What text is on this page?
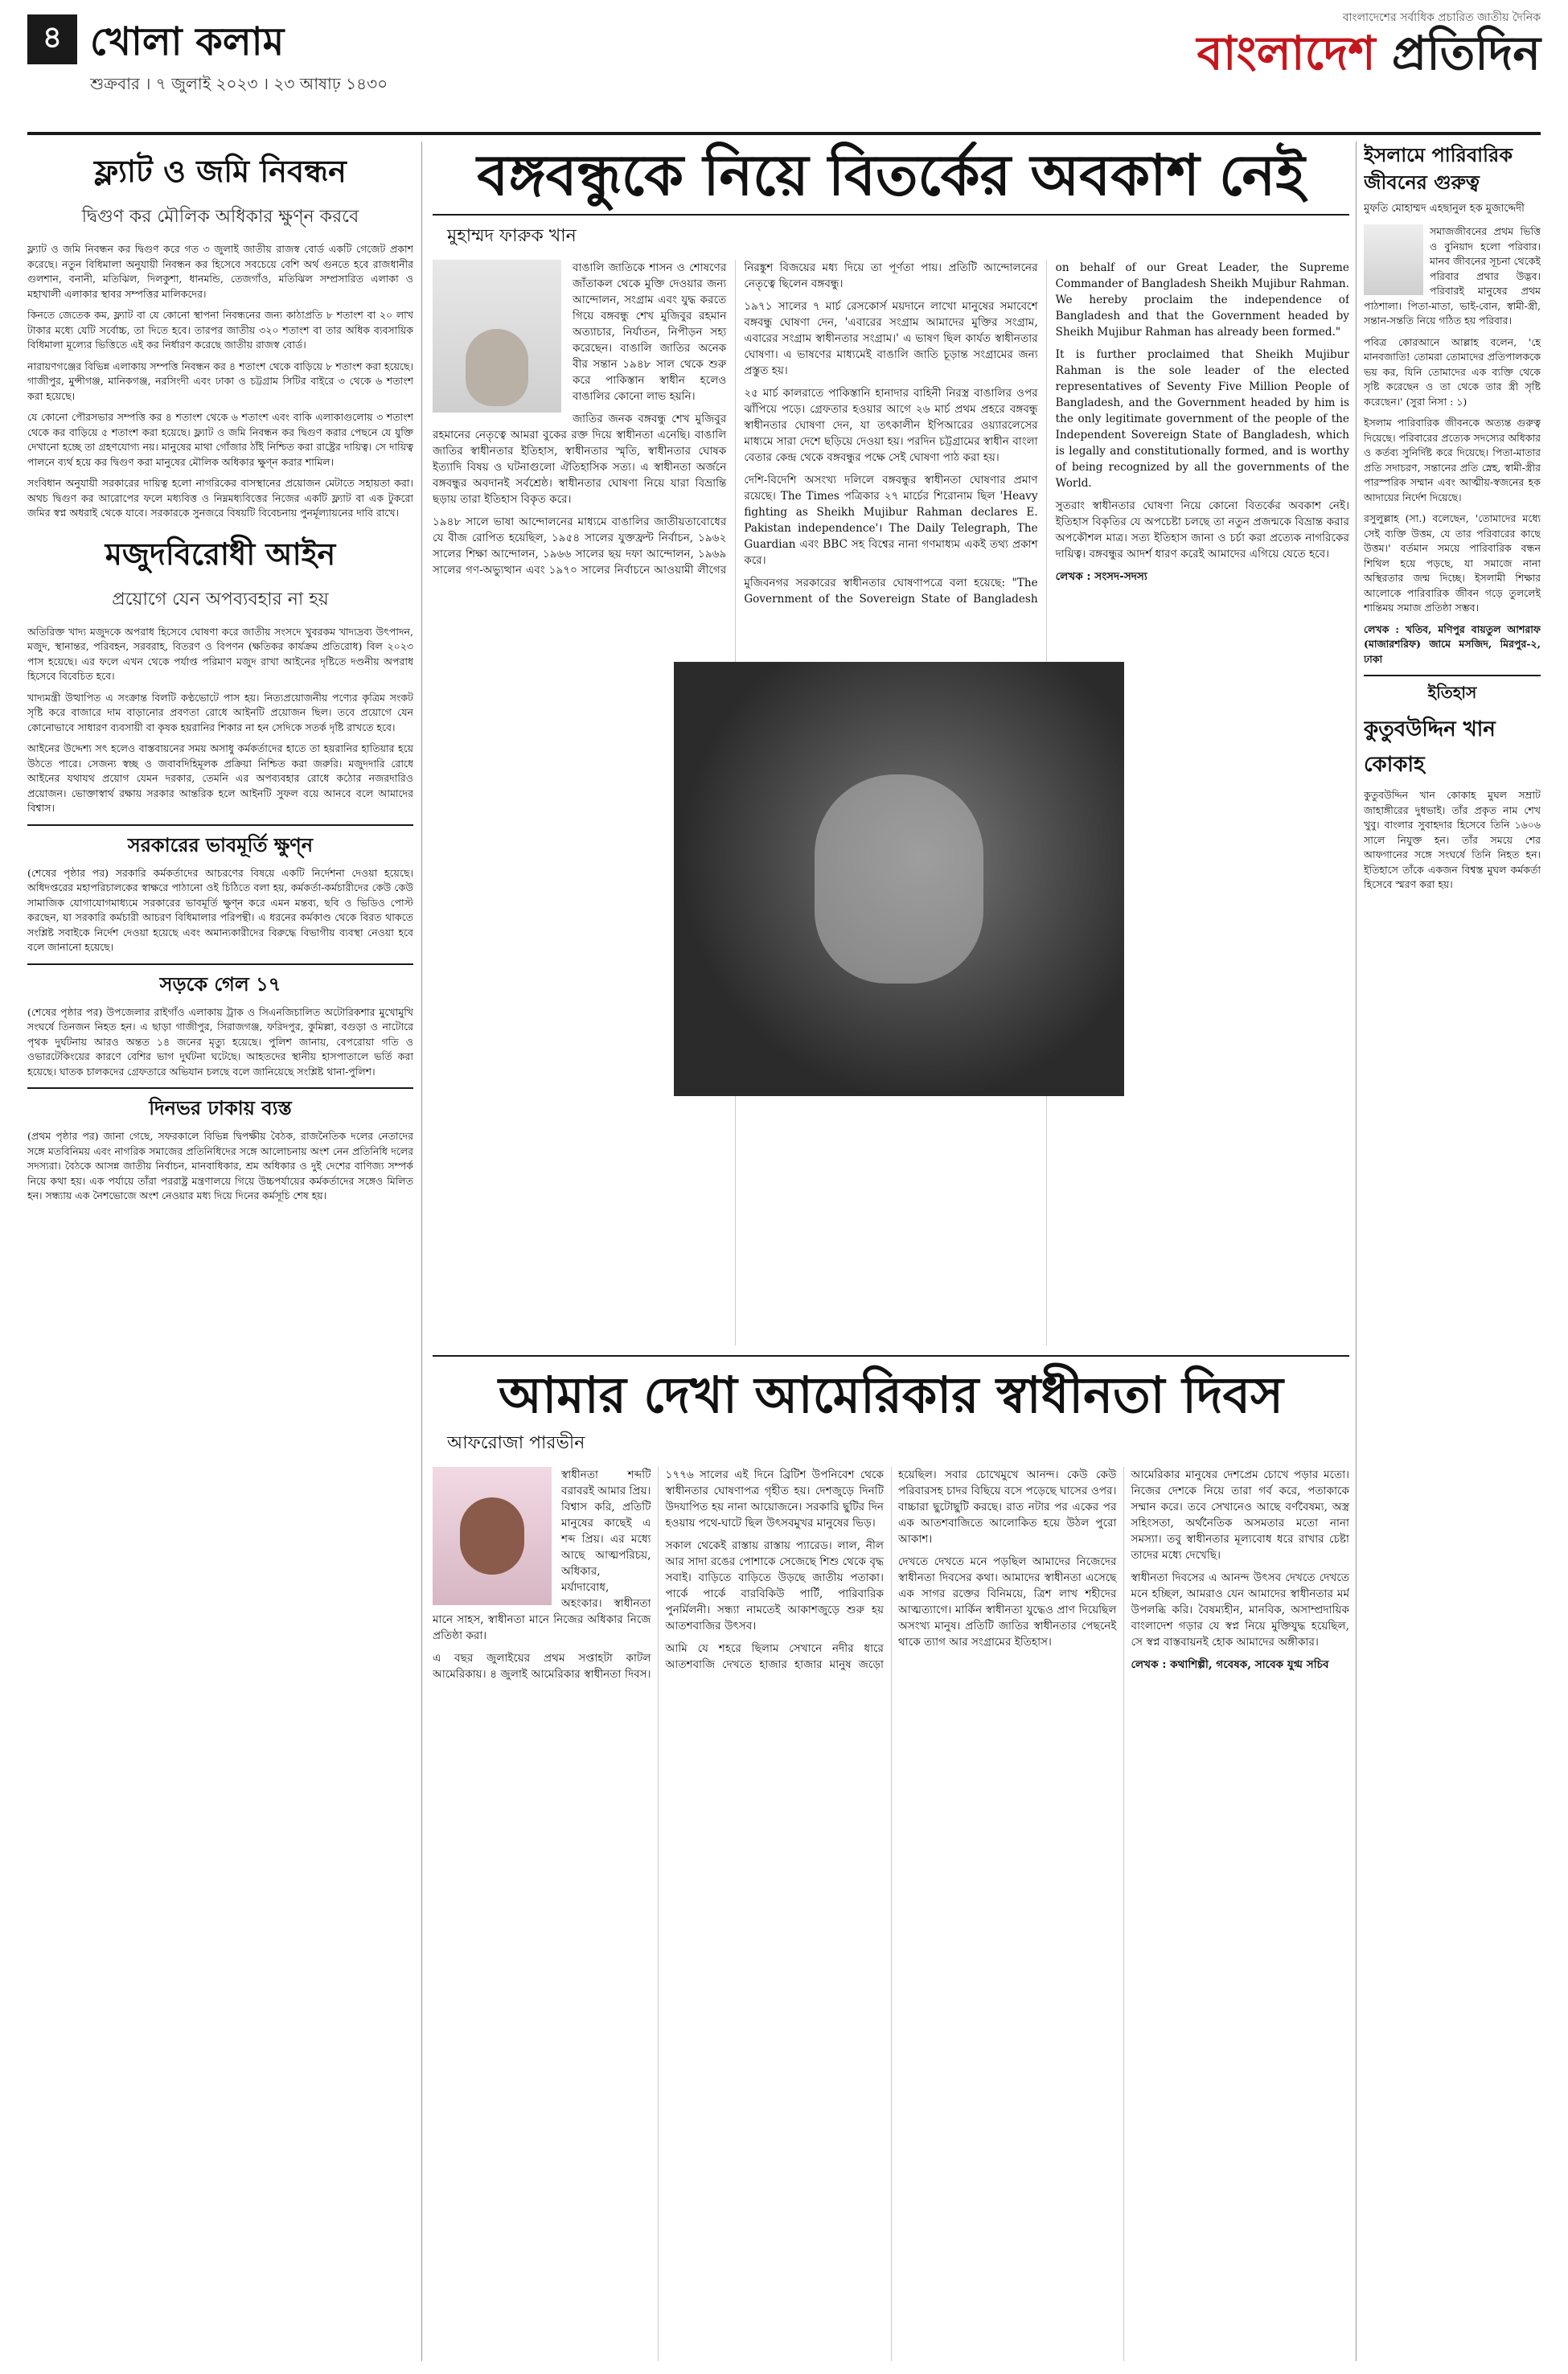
৪ খোলা কলাম
শুক্রবার । ৭ জুলাই ২০২৩ । ২৩ আষাঢ় ১৪৩০
বাংলাদেশের সর্বাধিক প্রচারিত জাতীয় দৈনিক
বাংলাদেশ প্রতিদিন
ফ্ল্যাট ও জমি নিবন্ধন
দ্বিগুণ কর মৌলিক অধিকার ক্ষুণ্ন করবে

ফ্ল্যাট ও জমি নিবন্ধন কর দ্বিগুণ করে গত ৩ জুলাই জাতীয় রাজস্ব বোর্ড একটি গেজেট প্রকাশ করেছে। নতুন বিধিমালা অনুযায়ী নিবন্ধন কর হিসেবে সবচেয়ে বেশি অর্থ গুনতে হবে রাজধানীর গুলশান, বনানী, মতিঝিল, দিলকুশা, ধানমন্ডি, তেজগাঁও, মতিঝিল সম্প্রসারিত এলাকা ও মহাখালী এলাকার স্থাবর সম্পত্তির মালিকদের।

কিনতে জেতেক কম, ফ্ল্যাট বা যে কোনো স্থাপনা নিবন্ধনের জন্য কাঠাপ্রতি ৮ শতাংশ বা ২০ লাখ টাকার মধ্যে যেটি সর্বোচ্চ, তা দিতে হবে। তারপর জাতীয় ৩২০ শতাংশ বা তার অধিক ব্যবসায়িক বিধিমালা মূল্যের ভিত্তিতে এই কর নির্ধারণ করেছে জাতীয় রাজস্ব বোর্ড।

নারায়ণগঞ্জের বিভিন্ন এলাকায় সম্পত্তি নিবন্ধন কর ৪ শতাংশ থেকে বাড়িয়ে ৮ শতাংশ করা হয়েছে। গাজীপুর, মুন্সীগঞ্জ, মানিকগঞ্জ, নরসিংদী এবং ঢাকা ও চট্টগ্রাম সিটির বাইরে ৩ থেকে ৬ শতাংশ করা হয়েছে।

যে কোনো পৌরসভার সম্পত্তি কর ৪ শতাংশ থেকে ৬ শতাংশ এবং বাকি এলাকাগুলোয় ৩ শতাংশ থেকে কর বাড়িয়ে ৫ শতাংশ করা হয়েছে। ফ্ল্যাট ও জমি নিবন্ধন কর দ্বিগুণ করার পেছনে যে যুক্তি দেখানো হচ্ছে তা গ্রহণযোগ্য নয়। মানুষের মাথা গোঁজার ঠাঁই নিশ্চিত করা রাষ্ট্রের দায়িত্ব। সে দায়িত্ব পালনে ব্যর্থ হয়ে কর দ্বিগুণ করা মানুষের মৌলিক অধিকার ক্ষুণ্ন করার শামিল।

সংবিধান অনুযায়ী সরকারের দায়িত্ব হলো নাগরিকের বাসস্থানের প্রয়োজন মেটাতে সহায়তা করা। অথচ দ্বিগুণ কর আরোপের ফলে মধ্যবিত্ত ও নিম্নমধ্যবিত্তের নিজের একটি ফ্ল্যাট বা এক টুকরো জমির স্বপ্ন অধরাই থেকে যাবে। সরকারকে সুনজরে বিষয়টি বিবেচনায় পুনর্মূল্যায়নের দাবি রাখে।

মজুদবিরোধী আইন
প্রয়োগে যেন অপব্যবহার না হয়

অতিরিক্ত খাদ্য মজুদকে অপরাধ হিসেবে ঘোষণা করে জাতীয় সংসদে খুবরকম খাদ্যদ্রব্য উৎপাদন, মজুদ, স্থানান্তর, পরিবহন, সরবরাহ, বিতরণ ও বিপণন (ক্ষতিকর কার্যক্রম প্রতিরোধ) বিল ২০২৩ পাস হয়েছে। এর ফলে এখন থেকে পর্যাপ্ত পরিমাণ মজুদ রাখা আইনের দৃষ্টিতে দণ্ডনীয় অপরাধ হিসেবে বিবেচিত হবে।

খাদ্যমন্ত্রী উত্থাপিত এ সংক্রান্ত বিলটি কণ্ঠভোটে পাস হয়। নিত্যপ্রয়োজনীয় পণ্যের কৃত্রিম সংকট সৃষ্টি করে বাজারে দাম বাড়ানোর প্রবণতা রোধে আইনটি প্রয়োজন ছিল। তবে প্রয়োগে যেন কোনোভাবে সাধারণ ব্যবসায়ী বা কৃষক হয়রানির শিকার না হন সেদিকে সতর্ক দৃষ্টি রাখতে হবে।

আইনের উদ্দেশ্য সৎ হলেও বাস্তবায়নের সময় অসাধু কর্মকর্তাদের হাতে তা হয়রানির হাতিয়ার হয়ে উঠতে পারে। সেজন্য স্বচ্ছ ও জবাবদিহিমূলক প্রক্রিয়া নিশ্চিত করা জরুরি। মজুদদারি রোধে আইনের যথাযথ প্রয়োগ যেমন দরকার, তেমনি এর অপব্যবহার রোধে কঠোর নজরদারিও প্রয়োজন। ভোক্তাস্বার্থ রক্ষায় সরকার আন্তরিক হলে আইনটি সুফল বয়ে আনবে বলে আমাদের বিশ্বাস।

সরকারের ভাবমূর্তি ক্ষুণ্ন

(শেষের পৃষ্ঠার পর) সরকারি কর্মকর্তাদের আচরণের বিষয়ে একটি নির্দেশনা দেওয়া হয়েছে। অধিদপ্তরের মহাপরিচালকের স্বাক্ষরে পাঠানো ওই চিঠিতে বলা হয়, কর্মকর্তা-কর্মচারীদের কেউ কেউ সামাজিক যোগাযোগমাধ্যমে সরকারের ভাবমূর্তি ক্ষুণ্ন করে এমন মন্তব্য, ছবি ও ভিডিও পোস্ট করছেন, যা সরকারি কর্মচারী আচরণ বিধিমালার পরিপন্থী। এ ধরনের কর্মকাণ্ড থেকে বিরত থাকতে সংশ্লিষ্ট সবাইকে নির্দেশ দেওয়া হয়েছে এবং অমান্যকারীদের বিরুদ্ধে বিভাগীয় ব্যবস্থা নেওয়া হবে বলে জানানো হয়েছে।

সড়কে গেল ১৭

(শেষের পৃষ্ঠার পর) উপজেলার রাইগাঁও এলাকায় ট্রাক ও সিএনজিচালিত অটোরিকশার মুখোমুখি সংঘর্ষে তিনজন নিহত হন। এ ছাড়া গাজীপুর, সিরাজগঞ্জ, ফরিদপুর, কুমিল্লা, বগুড়া ও নাটোরে পৃথক দুর্ঘটনায় আরও অন্তত ১৪ জনের মৃত্যু হয়েছে। পুলিশ জানায়, বেপরোয়া গতি ও ওভারটেকিংয়ের কারণে বেশির ভাগ দুর্ঘটনা ঘটেছে। আহতদের স্থানীয় হাসপাতালে ভর্তি করা হয়েছে। ঘাতক চালকদের গ্রেফতারে অভিযান চলছে বলে জানিয়েছে সংশ্লিষ্ট থানা-পুলিশ।

দিনভর ঢাকায় ব্যস্ত

(প্রথম পৃষ্ঠার পর) জানা গেছে, সফরকালে বিভিন্ন দ্বিপক্ষীয় বৈঠক, রাজনৈতিক দলের নেতাদের সঙ্গে মতবিনিময় এবং নাগরিক সমাজের প্রতিনিধিদের সঙ্গে আলোচনায় অংশ নেন প্রতিনিধি দলের সদস্যরা। বৈঠকে আসন্ন জাতীয় নির্বাচন, মানবাধিকার, শ্রম অধিকার ও দুই দেশের বাণিজ্য সম্পর্ক নিয়ে কথা হয়। এক পর্যায়ে তাঁরা পররাষ্ট্র মন্ত্রণালয়ে গিয়ে উচ্চপর্যায়ের কর্মকর্তাদের সঙ্গেও মিলিত হন। সন্ধ্যায় এক নৈশভোজে অংশ নেওয়ার মধ্য দিয়ে দিনের কর্মসূচি শেষ হয়।

বঙ্গবন্ধুকে নিয়ে বিতর্কের অবকাশ নেই
মুহাম্মদ ফারুক খান

বাঙালি জাতিকে শাসন ও শোষণের জাঁতাকল থেকে মুক্তি দেওয়ার জন্য আন্দোলন, সংগ্রাম এবং যুদ্ধ করতে গিয়ে বঙ্গবন্ধু শেখ মুজিবুর রহমান অত্যাচার, নির্যাতন, নিপীড়ন সহ্য করেছেন। বাঙালি জাতির অনেক বীর সন্তান ১৯৪৮ সাল থেকে শুরু করে পাকিস্তান স্বাধীন হলেও বাঙালির কোনো লাভ হয়নি।

জাতির জনক বঙ্গবন্ধু শেখ মুজিবুর রহমানের নেতৃত্বে আমরা বুকের রক্ত দিয়ে স্বাধীনতা এনেছি। বাঙালি জাতির স্বাধীনতার ইতিহাস, স্বাধীনতার স্মৃতি, স্বাধীনতার ঘোষক ইত্যাদি বিষয় ও ঘটনাগুলো ঐতিহাসিক সত্য। এ স্বাধীনতা অর্জনে বঙ্গবন্ধুর অবদানই সর্বশ্রেষ্ঠ। স্বাধীনতার ঘোষণা নিয়ে যারা বিভ্রান্তি ছড়ায় তারা ইতিহাস বিকৃত করে।

১৯৪৮ সালে ভাষা আন্দোলনের মাধ্যমে বাঙালির জাতীয়তাবোধের যে বীজ রোপিত হয়েছিল, ১৯৫৪ সালের যুক্তফ্রন্ট নির্বাচন, ১৯৬২ সালের শিক্ষা আন্দোলন, ১৯৬৬ সালের ছয় দফা আন্দোলন, ১৯৬৯ সালের গণ-অভ্যুত্থান এবং ১৯৭০ সালের নির্বাচনে আওয়ামী লীগের নিরঙ্কুশ বিজয়ের মধ্য দিয়ে তা পূর্ণতা পায়। প্রতিটি আন্দোলনের নেতৃত্বে ছিলেন বঙ্গবন্ধু।

১৯৭১ সালের ৭ মার্চ রেসকোর্স ময়দানে লাখো মানুষের সমাবেশে বঙ্গবন্ধু ঘোষণা দেন, 'এবারের সংগ্রাম আমাদের মুক্তির সংগ্রাম, এবারের সংগ্রাম স্বাধীনতার সংগ্রাম।' এ ভাষণ ছিল কার্যত স্বাধীনতার ঘোষণা। এ ভাষণের মাধ্যমেই বাঙালি জাতি চূড়ান্ত সংগ্রামের জন্য প্রস্তুত হয়।

২৫ মার্চ কালরাতে পাকিস্তানি হানাদার বাহিনী নিরস্ত্র বাঙালির ওপর ঝাঁপিয়ে পড়ে। গ্রেফতার হওয়ার আগে ২৬ মার্চ প্রথম প্রহরে বঙ্গবন্ধু স্বাধীনতার ঘোষণা দেন, যা তৎকালীন ইপিআরের ওয়্যারলেসের মাধ্যমে সারা দেশে ছড়িয়ে দেওয়া হয়। পরদিন চট্টগ্রামের স্বাধীন বাংলা বেতার কেন্দ্র থেকে বঙ্গবন্ধুর পক্ষে সেই ঘোষণা পাঠ করা হয়।

দেশি-বিদেশি অসংখ্য দলিলে বঙ্গবন্ধুর স্বাধীনতা ঘোষণার প্রমাণ রয়েছে। The Times পত্রিকার ২৭ মার্চের শিরোনাম ছিল 'Heavy fighting as Sheikh Mujibur Rahman declares E. Pakistan independence'। The Daily Telegraph, The Guardian এবং BBC সহ বিশ্বের নানা গণমাধ্যম একই তথ্য প্রকাশ করে।

মুজিবনগর সরকারের স্বাধীনতার ঘোষণাপত্রে বলা হয়েছে: "The Government of the Sovereign State of Bangladesh on behalf of our Great Leader, the Supreme Commander of Bangladesh Sheikh Mujibur Rahman. We hereby proclaim the independence of Bangladesh and that the Government headed by Sheikh Mujibur Rahman has already been formed."

It is further proclaimed that Sheikh Mujibur Rahman is the sole leader of the elected representatives of Seventy Five Million People of Bangladesh, and the Government headed by him is the only legitimate government of the people of the Independent Sovereign State of Bangladesh, which is legally and constitutionally formed, and is worthy of being recognized by all the governments of the World.

সুতরাং স্বাধীনতার ঘোষণা নিয়ে কোনো বিতর্কের অবকাশ নেই। ইতিহাস বিকৃতির যে অপচেষ্টা চলছে তা নতুন প্রজন্মকে বিভ্রান্ত করার অপকৌশল মাত্র। সত্য ইতিহাস জানা ও চর্চা করা প্রত্যেক নাগরিকের দায়িত্ব। বঙ্গবন্ধুর আদর্শ ধারণ করেই আমাদের এগিয়ে যেতে হবে।

লেখক : সংসদ-সদস্য

আমার দেখা আমেরিকার স্বাধীনতা দিবস
আফরোজা পারভীন

স্বাধীনতা শব্দটি বরাবরই আমার প্রিয়। বিশ্বাস করি, প্রতিটি মানুষের কাছেই এ শব্দ প্রিয়। এর মধ্যে আছে আত্মপরিচয়, অধিকার, মর্যাদাবোধ, অহংকার। স্বাধীনতা মানে সাহস, স্বাধীনতা মানে নিজের অধিকার নিজে প্রতিষ্ঠা করা।

এ বছর জুলাইয়ের প্রথম সপ্তাহটা কাটল আমেরিকায়। ৪ জুলাই আমেরিকার স্বাধীনতা দিবস। ১৭৭৬ সালের এই দিনে ব্রিটিশ উপনিবেশ থেকে স্বাধীনতার ঘোষণাপত্র গৃহীত হয়। দেশজুড়ে দিনটি উদযাপিত হয় নানা আয়োজনে। সরকারি ছুটির দিন হওয়ায় পথে-ঘাটে ছিল উৎসবমুখর মানুষের ভিড়।

সকাল থেকেই রাস্তায় রাস্তায় প্যারেড। লাল, নীল আর সাদা রঙের পোশাকে সেজেছে শিশু থেকে বৃদ্ধ সবাই। বাড়িতে বাড়িতে উড়ছে জাতীয় পতাকা। পার্কে পার্কে বারবিকিউ পার্টি, পারিবারিক পুনর্মিলনী। সন্ধ্যা নামতেই আকাশজুড়ে শুরু হয় আতশবাজির উৎসব।

আমি যে শহরে ছিলাম সেখানে নদীর ধারে আতশবাজি দেখতে হাজার হাজার মানুষ জড়ো হয়েছিল। সবার চোখেমুখে আনন্দ। কেউ কেউ পরিবারসহ চাদর বিছিয়ে বসে পড়েছে ঘাসের ওপর। বাচ্চারা ছুটোছুটি করছে। রাত নটার পর একের পর এক আতশবাজিতে আলোকিত হয়ে উঠল পুরো আকাশ।

দেখতে দেখতে মনে পড়ছিল আমাদের নিজেদের স্বাধীনতা দিবসের কথা। আমাদের স্বাধীনতা এসেছে এক সাগর রক্তের বিনিময়ে, ত্রিশ লাখ শহীদের আত্মত্যাগে। মার্কিন স্বাধীনতা যুদ্ধেও প্রাণ দিয়েছিল অসংখ্য মানুষ। প্রতিটি জাতির স্বাধীনতার পেছনেই থাকে ত্যাগ আর সংগ্রামের ইতিহাস।

আমেরিকার মানুষের দেশপ্রেম চোখে পড়ার মতো। নিজের দেশকে নিয়ে তারা গর্ব করে, পতাকাকে সম্মান করে। তবে সেখানেও আছে বর্ণবৈষম্য, অস্ত্র সহিংসতা, অর্থনৈতিক অসমতার মতো নানা সমস্যা। তবু স্বাধীনতার মূল্যবোধ ধরে রাখার চেষ্টা তাদের মধ্যে দেখেছি।

স্বাধীনতা দিবসের এ আনন্দ উৎসব দেখতে দেখতে মনে হচ্ছিল, আমরাও যেন আমাদের স্বাধীনতার মর্ম উপলব্ধি করি। বৈষম্যহীন, মানবিক, অসাম্প্রদায়িক বাংলাদেশ গড়ার যে স্বপ্ন নিয়ে মুক্তিযুদ্ধ হয়েছিল, সে স্বপ্ন বাস্তবায়নই হোক আমাদের অঙ্গীকার।

লেখক : কথাশিল্পী, গবেষক, সাবেক যুগ্ম সচিব

ইসলামে পারিবারিক জীবনের গুরুত্ব
মুফতি মোহাম্মদ এহছানুল হক মুজাদ্দেদী

সমাজজীবনের প্রথম ভিত্তি ও বুনিয়াদ হলো পরিবার। মানব জীবনের সূচনা থেকেই পরিবার প্রথার উদ্ভব। পরিবারই মানুষের প্রথম পাঠশালা। পিতা-মাতা, ভাই-বোন, স্বামী-স্ত্রী, সন্তান-সন্ততি নিয়ে গঠিত হয় পরিবার।

পবিত্র কোরআনে আল্লাহ বলেন, 'হে মানবজাতি! তোমরা তোমাদের প্রতিপালককে ভয় কর, যিনি তোমাদের এক ব্যক্তি থেকে সৃষ্টি করেছেন ও তা থেকে তার স্ত্রী সৃষ্টি করেছেন।' (সুরা নিসা : ১)

ইসলাম পারিবারিক জীবনকে অত্যন্ত গুরুত্ব দিয়েছে। পরিবারের প্রত্যেক সদস্যের অধিকার ও কর্তব্য সুনির্দিষ্ট করে দিয়েছে। পিতা-মাতার প্রতি সদাচরণ, সন্তানের প্রতি স্নেহ, স্বামী-স্ত্রীর পারস্পরিক সম্মান এবং আত্মীয়-স্বজনের হক আদায়ের নির্দেশ দিয়েছে।

রসুলুল্লাহ (সা.) বলেছেন, 'তোমাদের মধ্যে সেই ব্যক্তি উত্তম, যে তার পরিবারের কাছে উত্তম।' বর্তমান সময়ে পারিবারিক বন্ধন শিথিল হয়ে পড়ছে, যা সমাজে নানা অস্থিরতার জন্ম দিচ্ছে। ইসলামী শিক্ষার আলোকে পারিবারিক জীবন গড়ে তুললেই শান্তিময় সমাজ প্রতিষ্ঠা সম্ভব।

লেখক : খতিব, মণিপুর বায়তুল আশরাফ (মাজারশরিফ) জামে মসজিদ, মিরপুর-২, ঢাকা

ইতিহাস
কুতুবউদ্দিন খান কোকাহ

কুতুবউদ্দিন খান কোকাহ মুঘল সম্রাট জাহাঙ্গীরের দুধভাই। তাঁর প্রকৃত নাম শেখ খুবু। বাংলার সুবাহদার হিসেবে তিনি ১৬০৬ সালে নিযুক্ত হন। তাঁর সময়ে শের আফগানের সঙ্গে সংঘর্ষে তিনি নিহত হন। ইতিহাসে তাঁকে একজন বিশ্বস্ত মুঘল কর্মকর্তা হিসেবে স্মরণ করা হয়।
